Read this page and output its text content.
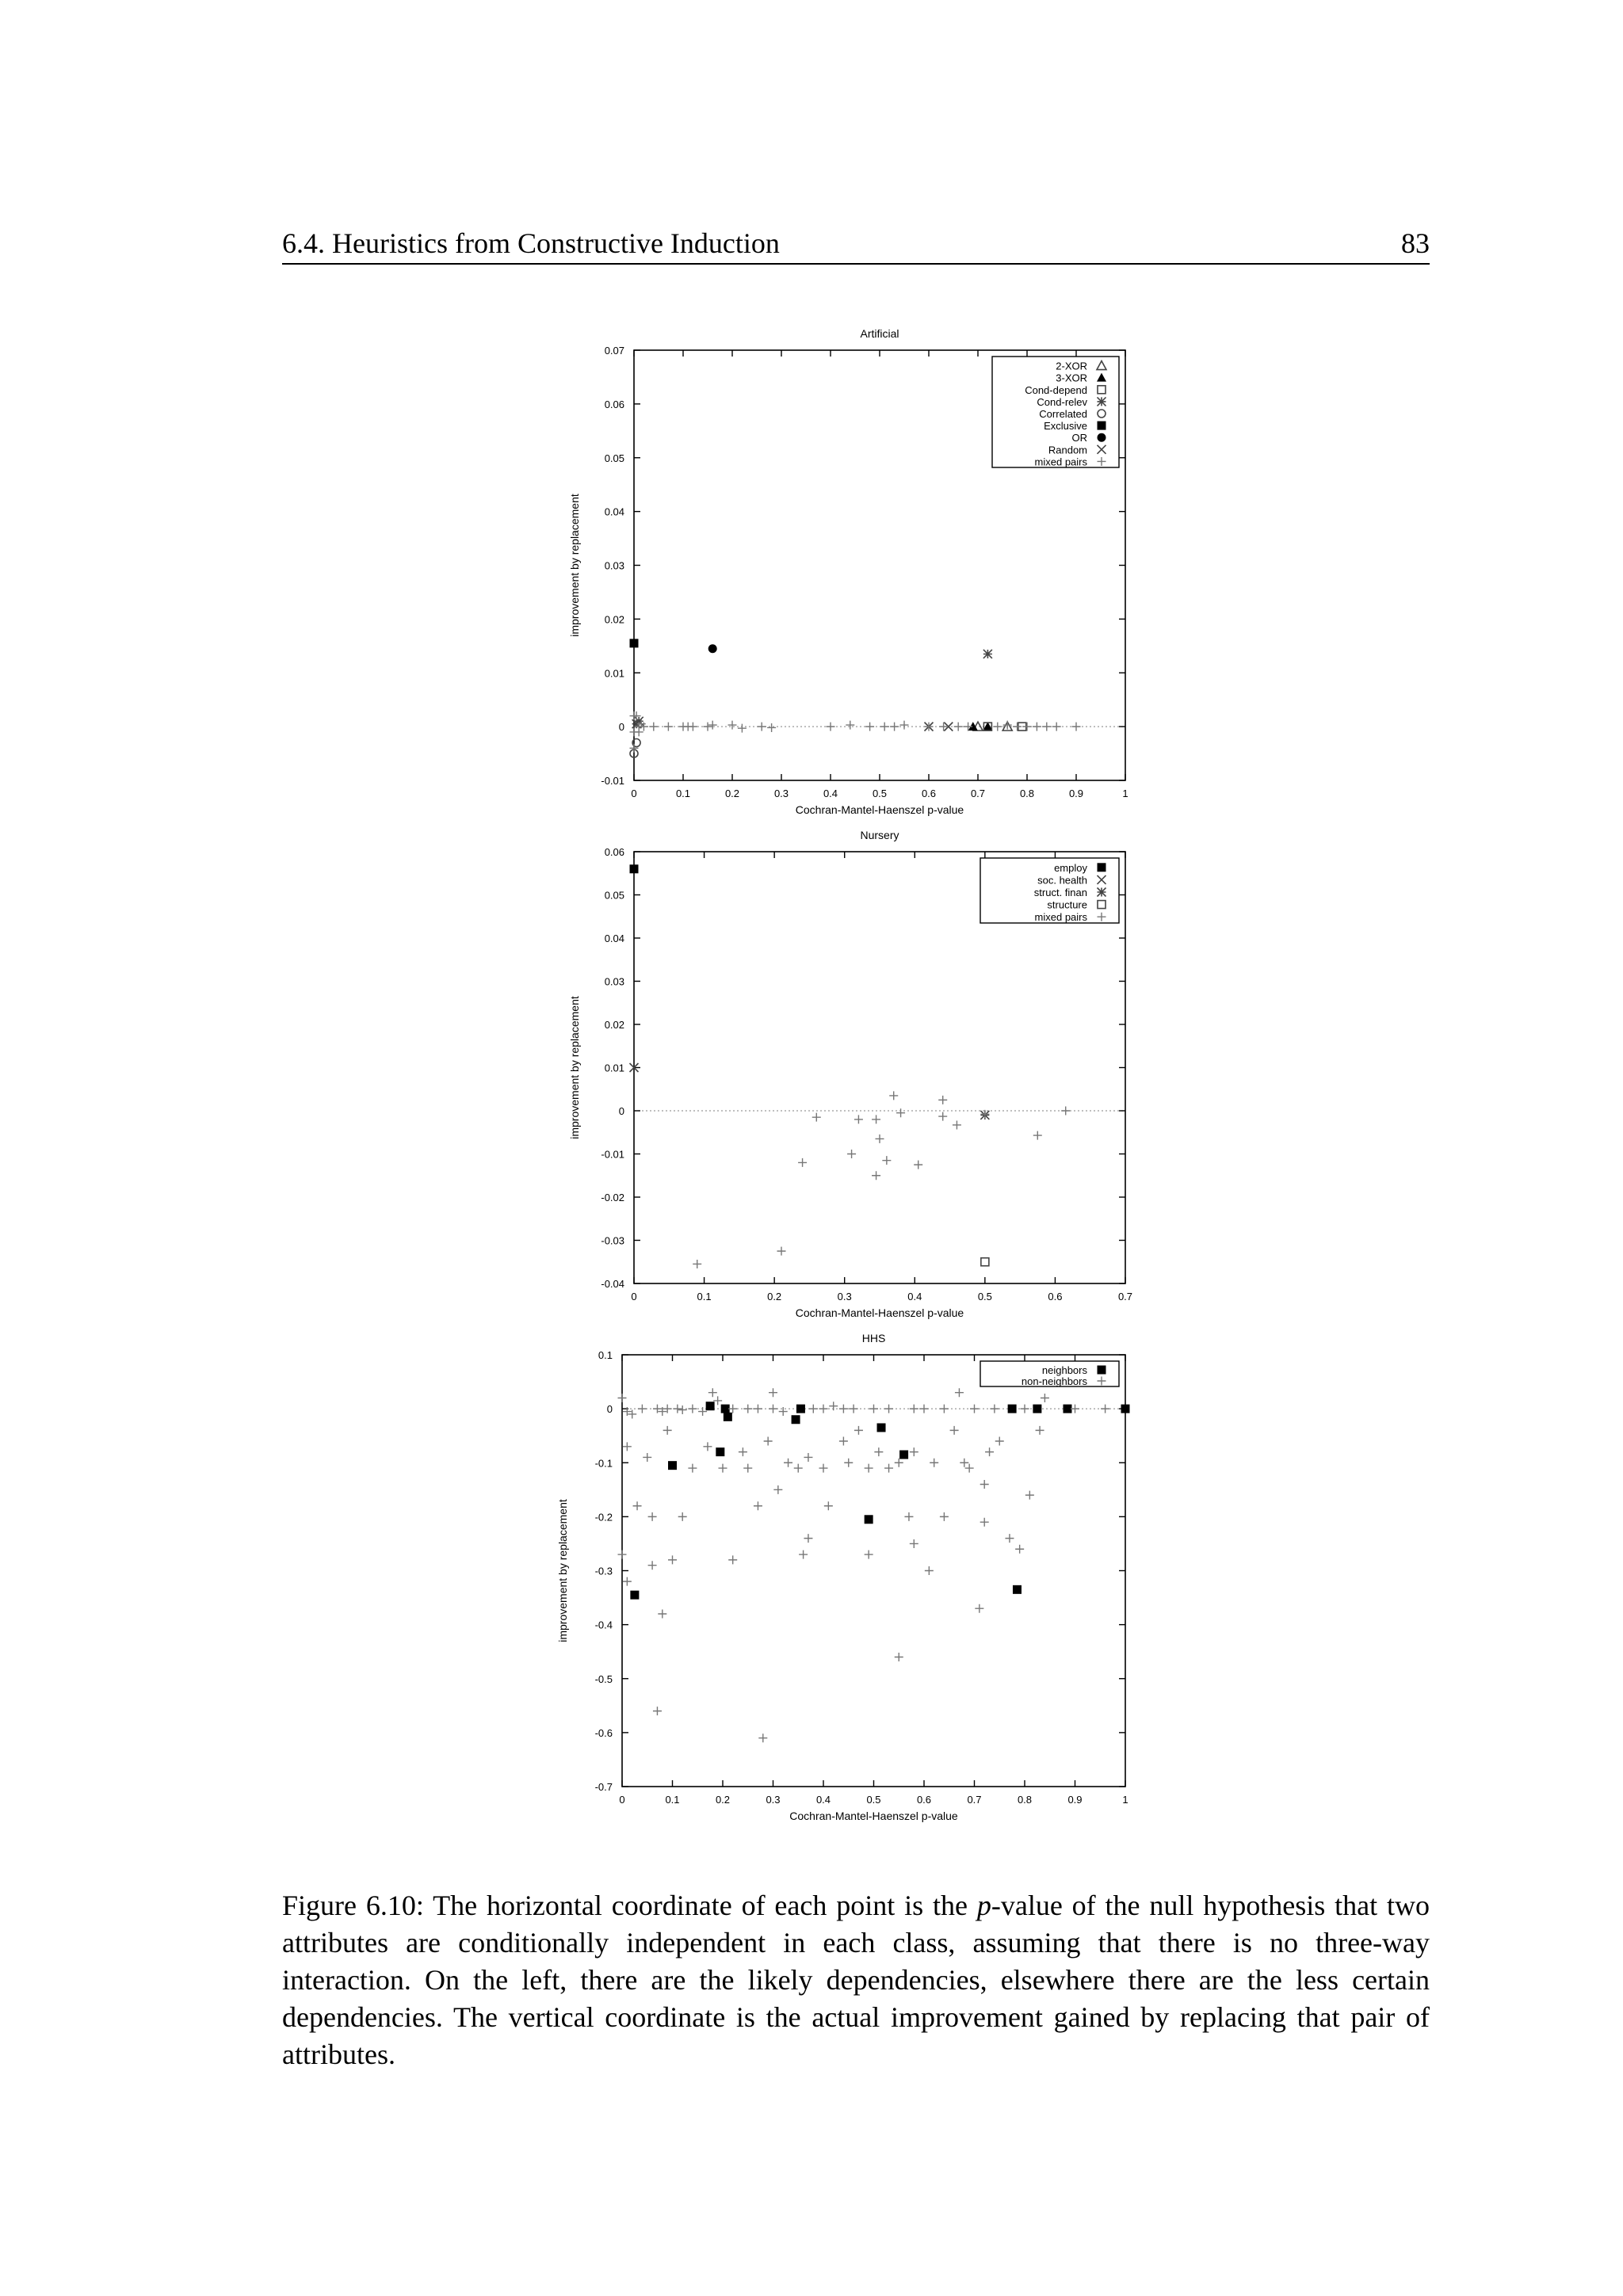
6.4. Heuristics from Constructive Induction	83
Artificial
0	0.1	0.2	0.3	0.4	0.5	0.6	0.7	0.8	0.9	1
-0.01
0
0.01
0.02
0.03
0.04
0.05
0.06
0.07
Cochran-Mantel-Haenszel p-value
improvement by replacement
2-XOR
3-XOR
Cond-depend
Cond-relev
Correlated
Exclusive
OR
Random
mixed pairs
Nursery
0	0.1	0.2	0.3	0.4	0.5	0.6	0.7
-0.04
-0.03
-0.02
-0.01
0
0.01
0.02
0.03
0.04
0.05
0.06
Cochran-Mantel-Haenszel p-value
improvement by replacement
employ
soc. health
struct. finan
structure
mixed pairs
HHS
0	0.1	0.2	0.3	0.4	0.5	0.6	0.7	0.8	0.9	1
-0.7
-0.6
-0.5
-0.4
-0.3
-0.2
-0.1
0
0.1
Cochran-Mantel-Haenszel p-value
improvement by replacement
neighbors
non-neighbors
Figure 6.10: The horizontal coordinate of each point is the p-value of the null hypothesis that two attributes are conditionally independent in each class, assuming that there is no three-way interaction. On the left, there are the likely dependencies, elsewhere there are the less certain dependencies. The vertical coordinate is the actual improvement gained by replacing that pair of attributes.
